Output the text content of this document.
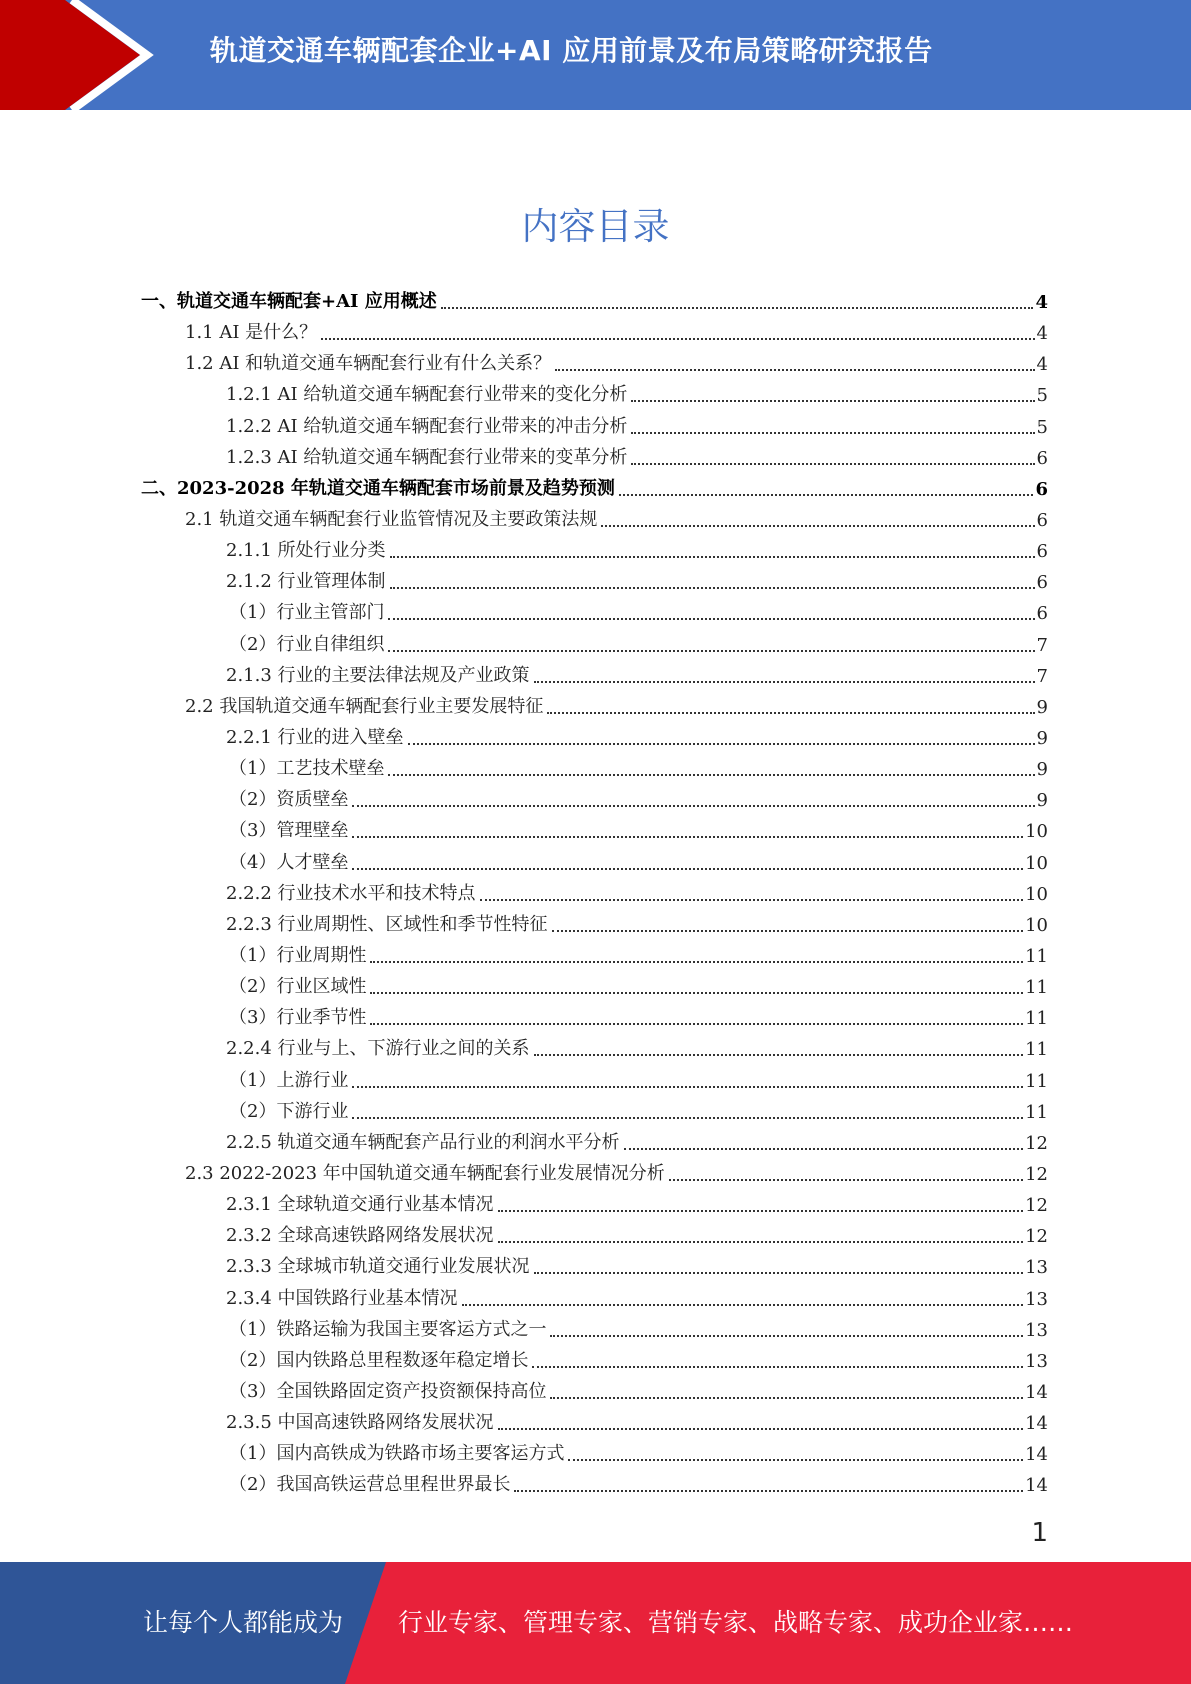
轨道交通车辆配套企业+AI 应用前景及布局策略研究报告
内容目录
一、轨道交通车辆配套+AI 应用概述	4
1.1 AI 是什么？	4
1.2 AI 和轨道交通车辆配套行业有什么关系？	4
1.2.1 AI 给轨道交通车辆配套行业带来的变化分析	5
1.2.2 AI 给轨道交通车辆配套行业带来的冲击分析	5
1.2.3 AI 给轨道交通车辆配套行业带来的变革分析	6
二、2023-2028 年轨道交通车辆配套市场前景及趋势预测	6
2.1 轨道交通车辆配套行业监管情况及主要政策法规	6
2.1.1 所处行业分类	6
2.1.2 行业管理体制	6
（1）行业主管部门	6
（2）行业自律组织	7
2.1.3 行业的主要法律法规及产业政策	7
2.2 我国轨道交通车辆配套行业主要发展特征	9
2.2.1 行业的进入壁垒	9
（1）工艺技术壁垒	9
（2）资质壁垒	9
（3）管理壁垒	10
（4）人才壁垒	10
2.2.2 行业技术水平和技术特点	10
2.2.3 行业周期性、区域性和季节性特征	10
（1）行业周期性	11
（2）行业区域性	11
（3）行业季节性	11
2.2.4 行业与上、下游行业之间的关系	11
（1）上游行业	11
（2）下游行业	11
2.2.5 轨道交通车辆配套产品行业的利润水平分析	12
2.3 2022-2023 年中国轨道交通车辆配套行业发展情况分析	12
2.3.1 全球轨道交通行业基本情况	12
2.3.2 全球高速铁路网络发展状况	12
2.3.3 全球城市轨道交通行业发展状况	13
2.3.4 中国铁路行业基本情况	13
（1）铁路运输为我国主要客运方式之一	13
（2）国内铁路总里程数逐年稳定增长	13
（3）全国铁路固定资产投资额保持高位	14
2.3.5 中国高速铁路网络发展状况	14
（1）国内高铁成为铁路市场主要客运方式	14
（2）我国高铁运营总里程世界最长	14
1
让每个人都能成为 行业专家、管理专家、营销专家、战略专家、成功企业家……
